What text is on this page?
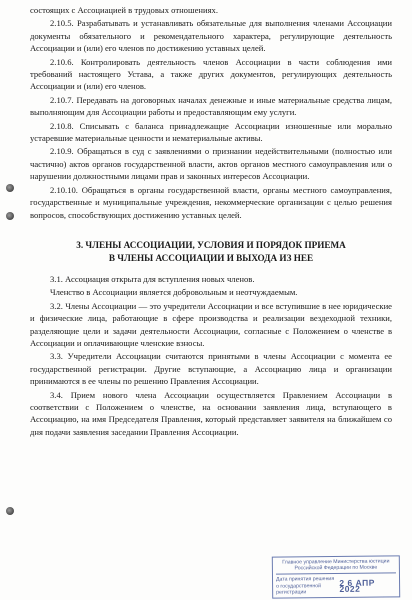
состоящих с Ассоциацией в трудовых отношениях.

2.10.5. Разрабатывать и устанавливать обязательные для выполнения членами Ассоциации документы обязательного и рекомендательного характера, регулирующие деятельность Ассоциации и (или) его членов по достижению уставных целей.

2.10.6. Контролировать деятельность членов Ассоциации в части соблюдения ими требований настоящего Устава, а также других документов, регулирующих деятельность Ассоциации и (или) его членов.

2.10.7. Передавать на договорных началах денежные и иные материальные средства лицам, выполняющим для Ассоциации работы и предоставляющим ему услуги.

2.10.8. Списывать с баланса принадлежащие Ассоциации изношенные или морально устаревшие материальные ценности и нематериальные активы.

2.10.9. Обращаться в суд с заявлениями о признании недействительными (полностью или частично) актов органов государственной власти, актов органов местного самоуправления или о нарушении должностными лицами прав и законных интересов Ассоциации.

2.10.10. Обращаться в органы государственной власти, органы местного самоуправления, государственные и муниципальные учреждения, некоммерческие организации с целью решения вопросов, способствующих достижению уставных целей.

3. ЧЛЕНЫ АССОЦИАЦИИ, УСЛОВИЯ И ПОРЯДОК ПРИЕМА
В ЧЛЕНЫ АССОЦИАЦИИ И ВЫХОДА ИЗ НЕЕ

3.1. Ассоциация открыта для вступления новых членов.

Членство в Ассоциации является добровольным и неотчуждаемым.

3.2. Члены Ассоциации — это учредители Ассоциации и все вступившие в нее юридические и физические лица, работающие в сфере производства и реализации вездеходной техники, разделяющие цели и задачи деятельности Ассоциации, согласные с Положением о членстве в Ассоциации и оплачивающие членские взносы.

3.3. Учредители Ассоциации считаются принятыми в члены Ассоциации с момента ее государственной регистрации. Другие вступающие, а Ассоциацию лица и организации принимаются в ее члены по решению Правления Ассоциации.

3.4. Прием нового члена Ассоциации осуществляется Правлением Ассоциации в соответствии с Положением о членстве, на основании заявления лица, вступающего в Ассоциацию, на имя Председателя Правления, который представляет заявителя на ближайшем со дня подачи заявления заседании Правления Ассоциации.

Главное управление Министерства юстиции Российской Федерации по Москве
Дата принятия решения о государственной регистрации
2 6 АПР 2022
